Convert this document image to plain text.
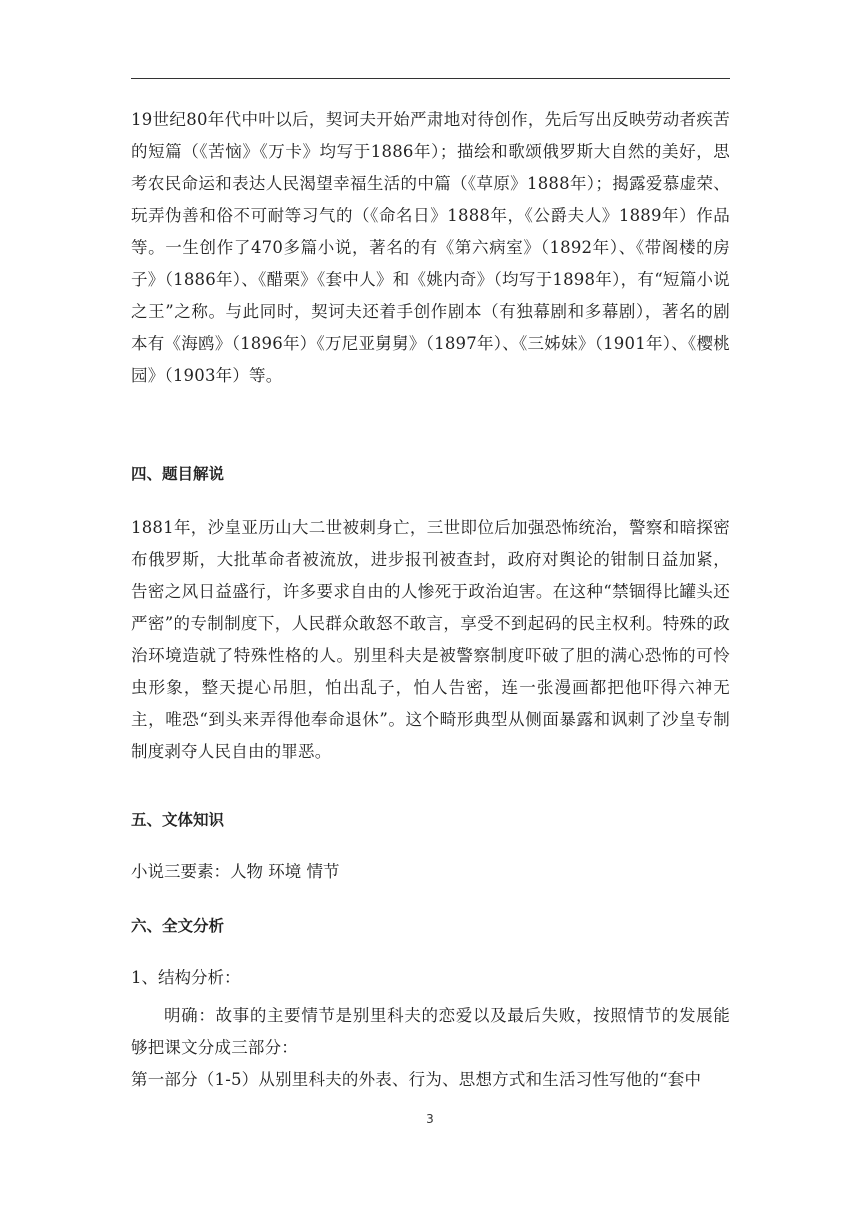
19世纪80年代中叶以后，契诃夫开始严肃地对待创作，先后写出反映劳动者疾苦的短篇（《苦恼》《万卡》均写于1886年）；描绘和歌颂俄罗斯大自然的美好，思考农民命运和表达人民渴望幸福生活的中篇（《草原》1888年）；揭露爱慕虚荣、玩弄伪善和俗不可耐等习气的（《命名日》1888年，《公爵夫人》1889年）作品等。一生创作了470多篇小说，著名的有《第六病室》（1892年）、《带阁楼的房子》（1886年）、《醋栗》《套中人》和《姚内奇》（均写于1898年），有“短篇小说之王”之称。与此同时，契诃夫还着手创作剧本（有独幕剧和多幕剧），著名的剧本有《海鸥》（1896年）《万尼亚舅舅》（1897年）、《三姊妹》（1901年）、《樱桃园》（1903年）等。

四、题目解说

1881年，沙皇亚历山大二世被刺身亡，三世即位后加强恐怖统治，警察和暗探密布俄罗斯，大批革命者被流放，进步报刊被查封，政府对舆论的钳制日益加紧，告密之风日益盛行，许多要求自由的人惨死于政治迫害。在这种“禁锢得比罐头还严密”的专制制度下，人民群众敢怒不敢言，享受不到起码的民主权利。特殊的政治环境造就了特殊性格的人。别里科夫是被警察制度吓破了胆的满心恐怖的可怜虫形象，整天提心吊胆，怕出乱子，怕人告密，连一张漫画都把他吓得六神无主，唯恐“到头来弄得他奉命退休”。这个畸形典型从侧面暴露和讽刺了沙皇专制制度剥夺人民自由的罪恶。

五、文体知识

小说三要素：人物 环境 情节

六、全文分析

1、结构分析：

明确：故事的主要情节是别里科夫的恋爱以及最后失败，按照情节的发展能够把课文分成三部分：

第一部分（1-5）从别里科夫的外表、行为、思想方式和生活习性写他的“套中

3
